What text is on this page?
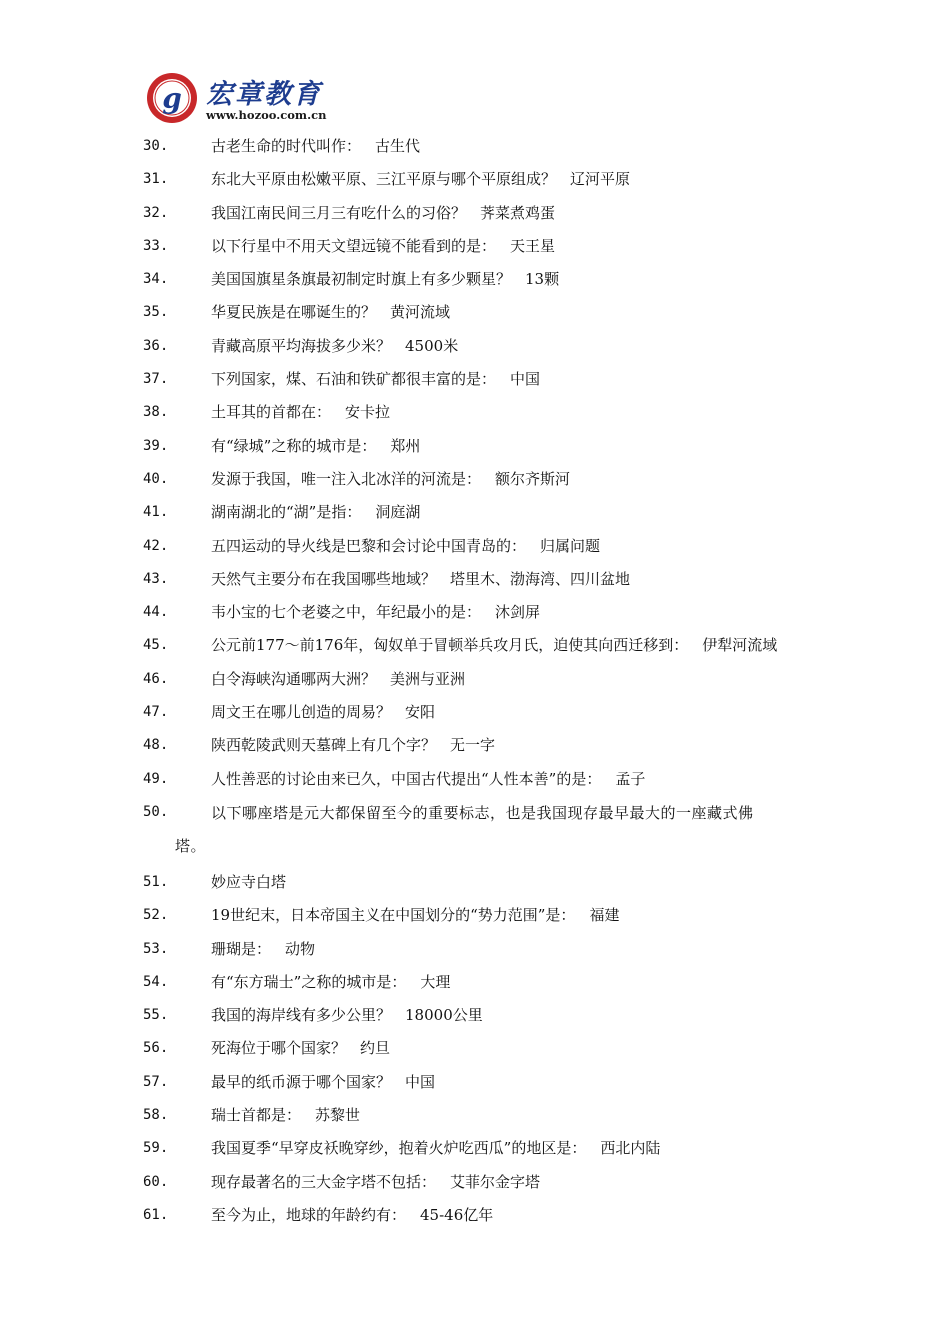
g 宏章教育
www.hozoo.com.cn
30.	古老生命的时代叫作： 古生代
31.	东北大平原由松嫩平原、三江平原与哪个平原组成？ 辽河平原
32.	我国江南民间三月三有吃什么的习俗？ 荠菜煮鸡蛋
33.	以下行星中不用天文望远镜不能看到的是： 天王星
34.	美国国旗星条旗最初制定时旗上有多少颗星？ 13颗
35.	华夏民族是在哪诞生的？ 黄河流域
36.	青藏高原平均海拔多少米？ 4500米
37.	下列国家，煤、石油和铁矿都很丰富的是： 中国
38.	土耳其的首都在： 安卡拉
39.	有“绿城”之称的城市是： 郑州
40.	发源于我国，唯一注入北冰洋的河流是： 额尔齐斯河
41.	湖南湖北的“湖”是指： 洞庭湖
42.	五四运动的导火线是巴黎和会讨论中国青岛的： 归属问题
43.	天然气主要分布在我国哪些地域？ 塔里木、渤海湾、四川盆地
44.	韦小宝的七个老婆之中，年纪最小的是： 沐剑屏
45.	公元前177～前176年，匈奴单于冒顿举兵攻月氏，迫使其向西迁移到： 伊犁河流域
46.	白令海峡沟通哪两大洲？ 美洲与亚洲
47.	周文王在哪儿创造的周易？ 安阳
48.	陕西乾陵武则天墓碑上有几个字？ 无一字
49.	人性善恶的讨论由来已久，中国古代提出“人性本善”的是： 孟子
50.	以下哪座塔是元大都保留至今的重要标志，也是我国现存最早最大的一座藏式佛
塔。
51.	妙应寺白塔
52.	19世纪末，日本帝国主义在中国划分的“势力范围”是： 福建
53.	珊瑚是： 动物
54.	有“东方瑞士”之称的城市是： 大理
55.	我国的海岸线有多少公里？ 18000公里
56.	死海位于哪个国家？ 约旦
57.	最早的纸币源于哪个国家？ 中国
58.	瑞士首都是： 苏黎世
59.	我国夏季“早穿皮袄晚穿纱，抱着火炉吃西瓜”的地区是： 西北内陆
60.	现存最著名的三大金字塔不包括： 艾菲尔金字塔
61.	至今为止，地球的年龄约有： 45-46亿年
